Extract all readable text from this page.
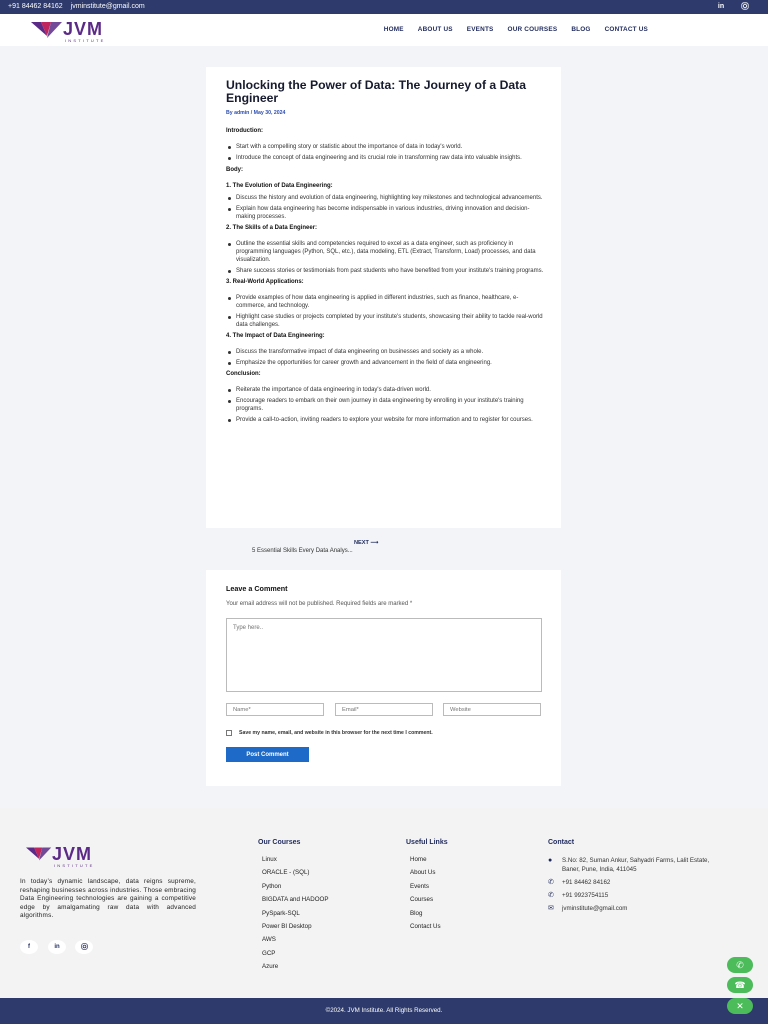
+91 84462 84162 jvminstitute@gmail.com	in
JVM
INSTITUTE
HOME ABOUT US EVENTS OUR COURSES BLOG CONTACT US
Unlocking the Power of Data: The Journey of a Data Engineer
By admin / May 30, 2024
Introduction:
Start with a compelling story or statistic about the importance of data in today's world.
Introduce the concept of data engineering and its crucial role in transforming raw data into valuable insights.
Body:
1. The Evolution of Data Engineering:
Discuss the history and evolution of data engineering, highlighting key milestones and technological advancements.
Explain how data engineering has become indispensable in various industries, driving innovation and decision-making processes.
2. The Skills of a Data Engineer:
Outline the essential skills and competencies required to excel as a data engineer, such as proficiency in programming languages (Python, SQL, etc.), data modeling, ETL (Extract, Transform, Load) processes, and data visualization.
Share success stories or testimonials from past students who have benefited from your institute's training programs.
3. Real-World Applications:
Provide examples of how data engineering is applied in different industries, such as finance, healthcare, e-commerce, and technology.
Highlight case studies or projects completed by your institute's students, showcasing their ability to tackle real-world data challenges.
4. The Impact of Data Engineering:
Discuss the transformative impact of data engineering on businesses and society as a whole.
Emphasize the opportunities for career growth and advancement in the field of data engineering.
Conclusion:
Reiterate the importance of data engineering in today's data-driven world.
Encourage readers to embark on their own journey in data engineering by enrolling in your institute's training programs.
Provide a call-to-action, inviting readers to explore your website for more information and to register for courses.
NEXT ⟶
5 Essential Skills Every Data Analys...
Leave a Comment
Your email address will not be published. Required fields are marked *
Type here..
Name*
Email*
Website
Save my name, email, and website in this browser for the next time I comment.
Post Comment
JVM
INSTITUTE

In today’s dynamic landscape, data reigns supreme, reshaping businesses across industries. Those embracing Data Engineering technologies are gaining a competitive edge by amalgamating raw data with advanced algorithms.

f	in
Our Courses
Linux
ORACLE - (SQL)
Python
BIGDATA and HADOOP
PySpark-SQL
Power BI Desktop
AWS
GCP
Azure
Useful Links
Home
About Us
Events
Courses
Blog
Contact Us
Contact
●	S.No: 82, Suman Ankur, Sahyadri Farms, Lalit Estate, Baner, Pune, India, 411045
✆	+91 84462 84162
✆	+91 9923754115
✉	jvminstitute@gmail.com
©2024. JVM Institute. All Rights Reserved.
✆
☎
✕
